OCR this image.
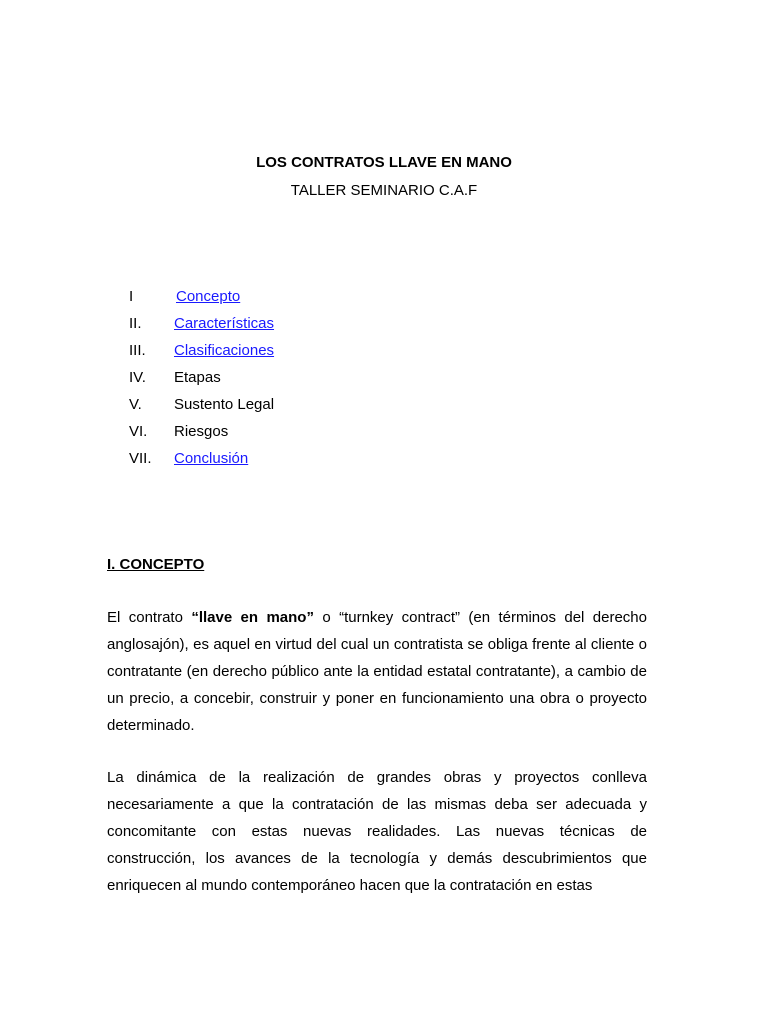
LOS CONTRATOS LLAVE EN MANO
TALLER SEMINARIO C.A.F
I	Concepto
II. Características
III. Clasificaciones
IV. Etapas
V. Sustento Legal
VI. Riesgos
VII. Conclusión
I. CONCEPTO

El contrato “llave en mano” o “turnkey contract” (en términos del derecho anglosajón), es aquel en virtud del cual un contratista se obliga frente al cliente o contratante (en derecho público ante la entidad estatal contratante), a cambio de un precio, a concebir, construir y poner en funcionamiento una obra o proyecto determinado.

La dinámica de la realización de grandes obras y proyectos conlleva necesariamente a que la contratación de las mismas deba ser adecuada y concomitante con estas nuevas realidades. Las nuevas técnicas de construcción, los avances de la tecnología y demás descubrimientos que enriquecen al mundo contemporáneo hacen que la contratación en estas
